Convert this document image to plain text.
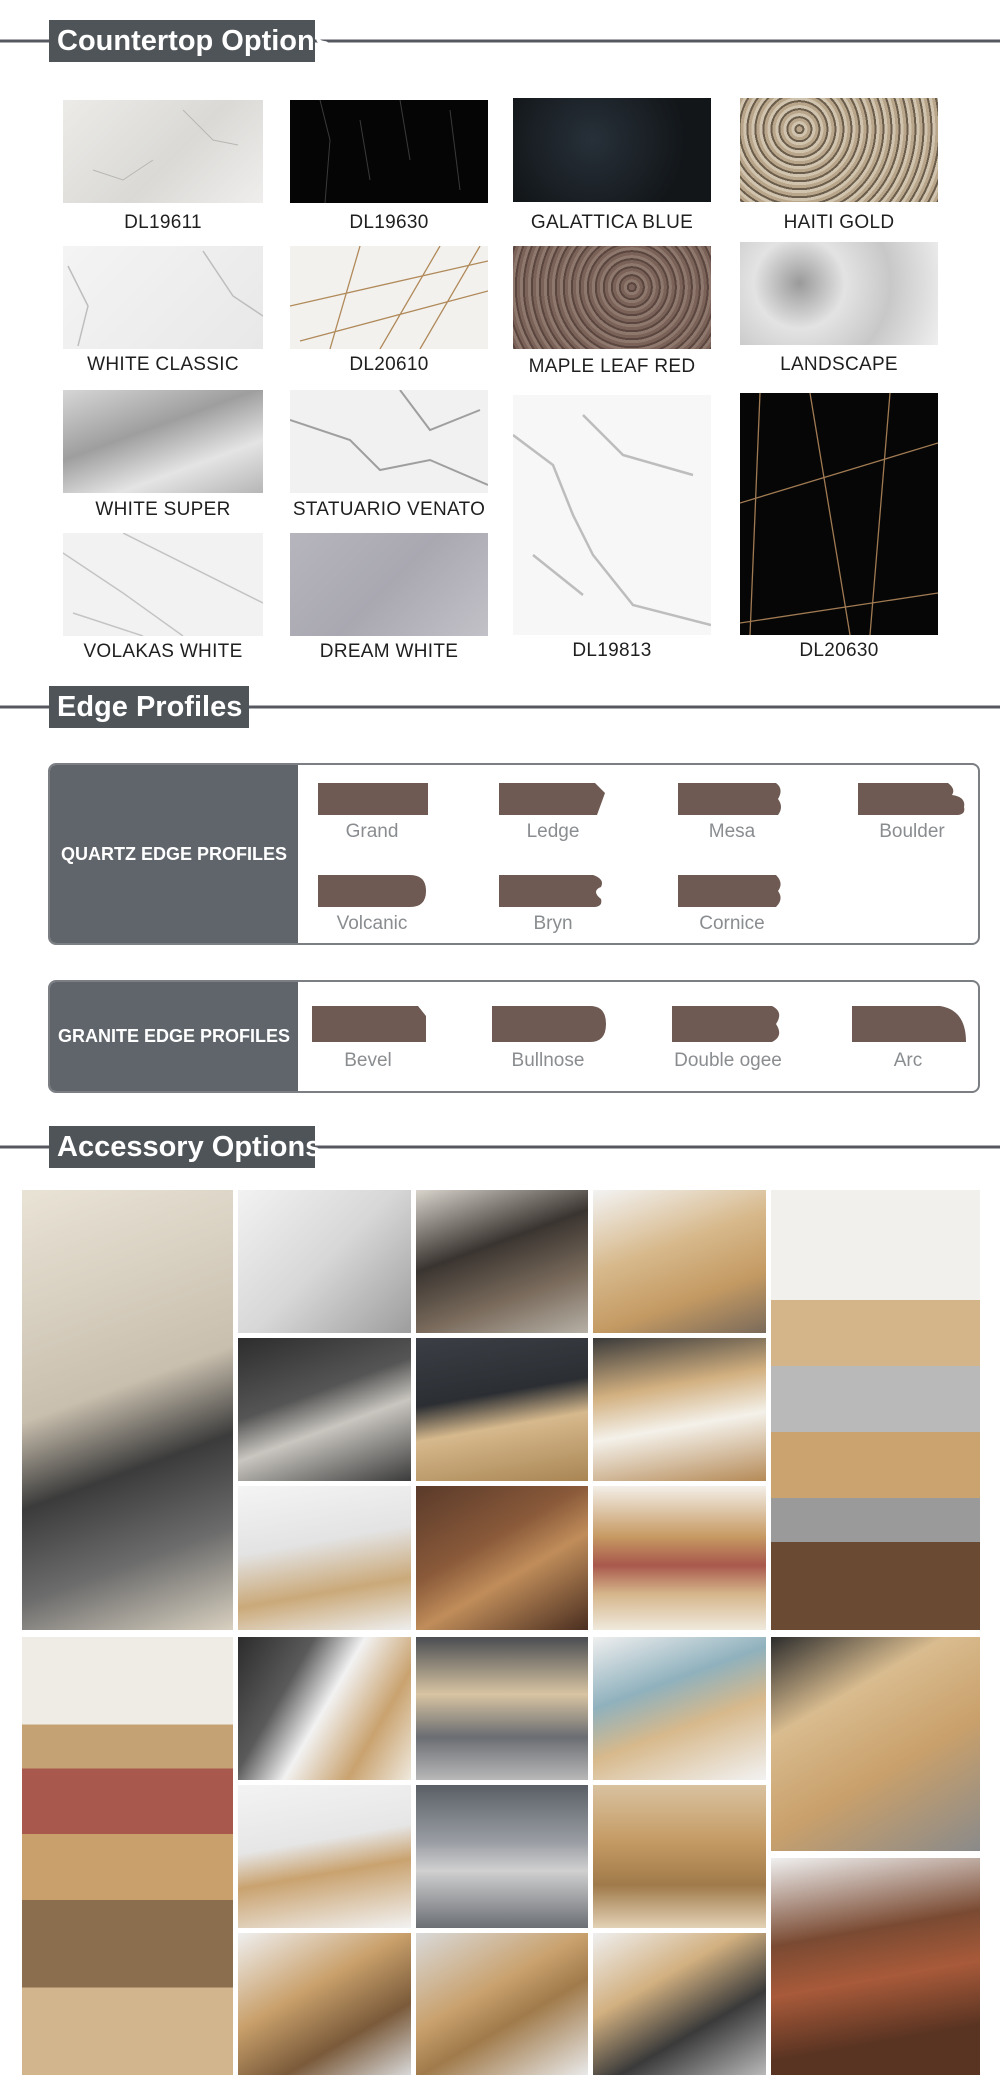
Countertop Options
DL19611	DL19630	GALATTICA BLUE	HAITI GOLD
WHITE CLASSIC	DL20610	MAPLE LEAF RED	LANDSCAPE
WHITE SUPER	STATUARIO VENATO
DL19813	DL20630
VOLAKAS WHITE	DREAM WHITE
Edge Profiles
QUARTZ EDGE PROFILES
Grand	Ledge	Mesa	Boulder
Volcanic	Bryn	Cornice
GRANITE EDGE PROFILES
Bevel	Bullnose	Double ogee	Arc
Accessory Options
